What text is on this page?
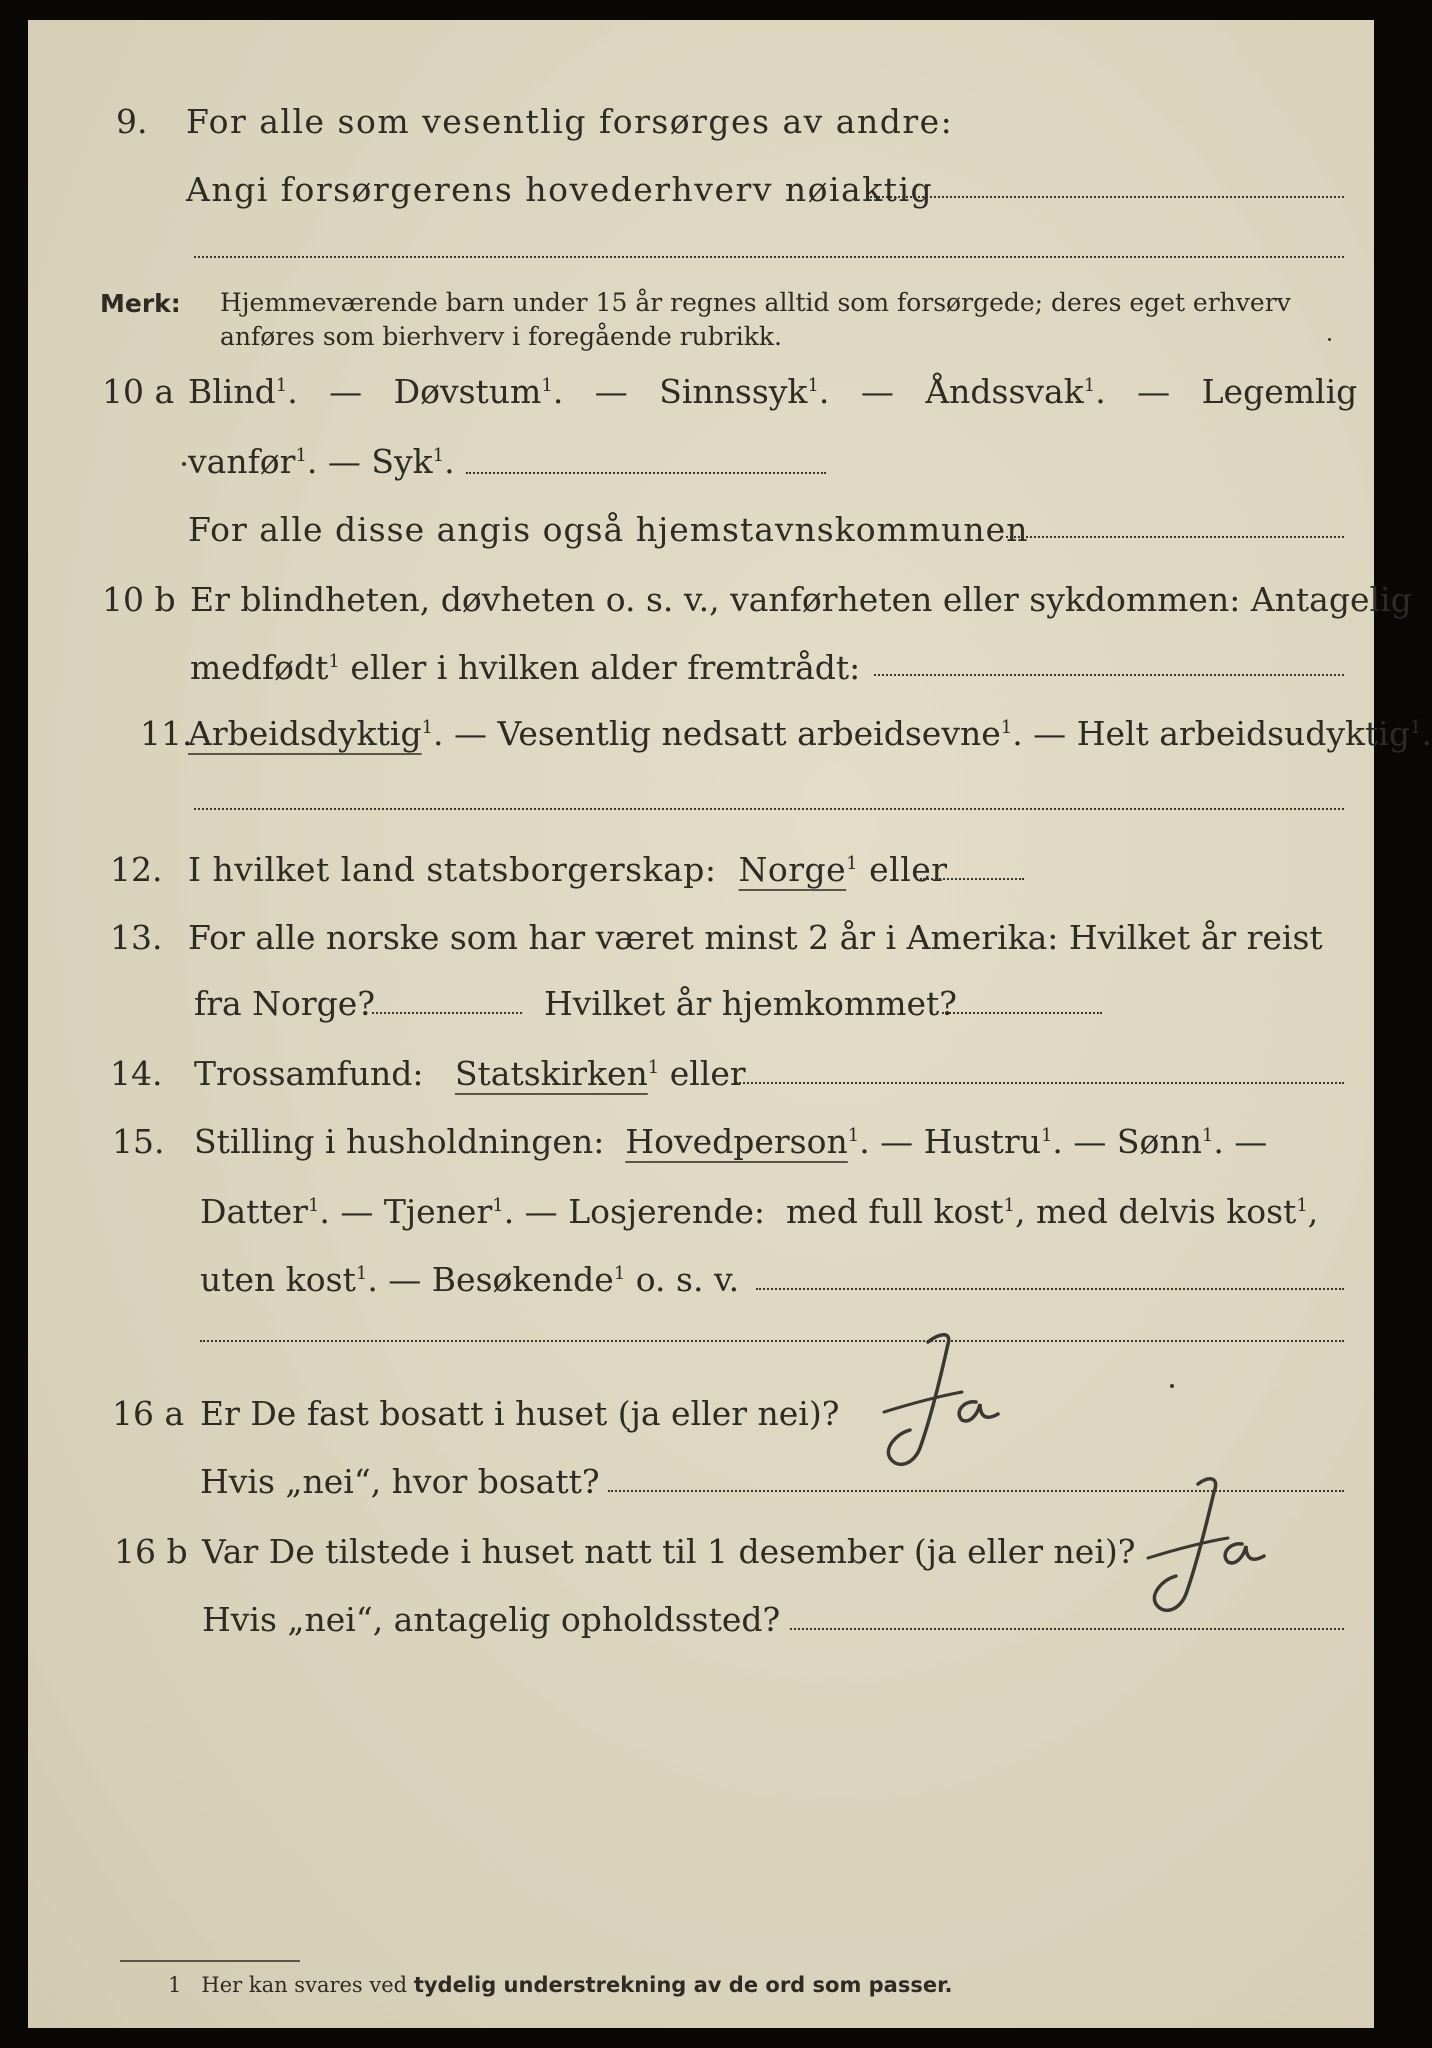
9. For alle som vesentlig forsørges av andre:
Angi forsørgerens hovederhverv nøiaktig
Merk: Hjemmeværende barn under 15 år regnes alltid som forsørgede; deres eget erhverv
anføres som bierhverv i foregående rubrikk.
10 a Blind$^1$.   —   Døvstum$^1$.   —   Sinnssyk$^1$.   —   Åndssvak$^1$.   —   Legemlig
vanfør$^1$. — Syk$^1$.
For alle disse angis også hjemstavnskommunen
10 b Er blindheten, døvheten o. s. v., vanførheten eller sykdommen: Antagelig
medfødt$^1$ eller i hvilken alder fremtrådt:
11.
Arbeidsdyktig$^1$. — Vesentlig nedsatt arbeidsevne$^1$. — Helt arbeidsudyktig$^1$.
12. I hvilket land statsborgerskap: Norge$^1$ eller
13. For alle norske som har været minst 2 år i Amerika: Hvilket år reist
fra Norge?	Hvilket år hjemkommet?
14. Trossamfund: Statskirken$^1$ eller
15. Stilling i husholdningen: Hovedperson$^1$. — Hustru$^1$. — Sønn$^1$. —
Datter$^1$. — Tjener$^1$. — Losjerende: med full kost$^1$, med delvis kost$^1$,
uten kost$^1$. — Besøkende$^1$ o. s. v.
16 a Er De fast bosatt i huset (ja eller nei)?
Hvis „nei“, hvor bosatt?
16 b Var De tilstede i huset natt til 1 desember (ja eller nei)?
Hvis „nei“, antagelig opholdssted?
1 Her kan svares ved tydelig understrekning av de ord som passer.
